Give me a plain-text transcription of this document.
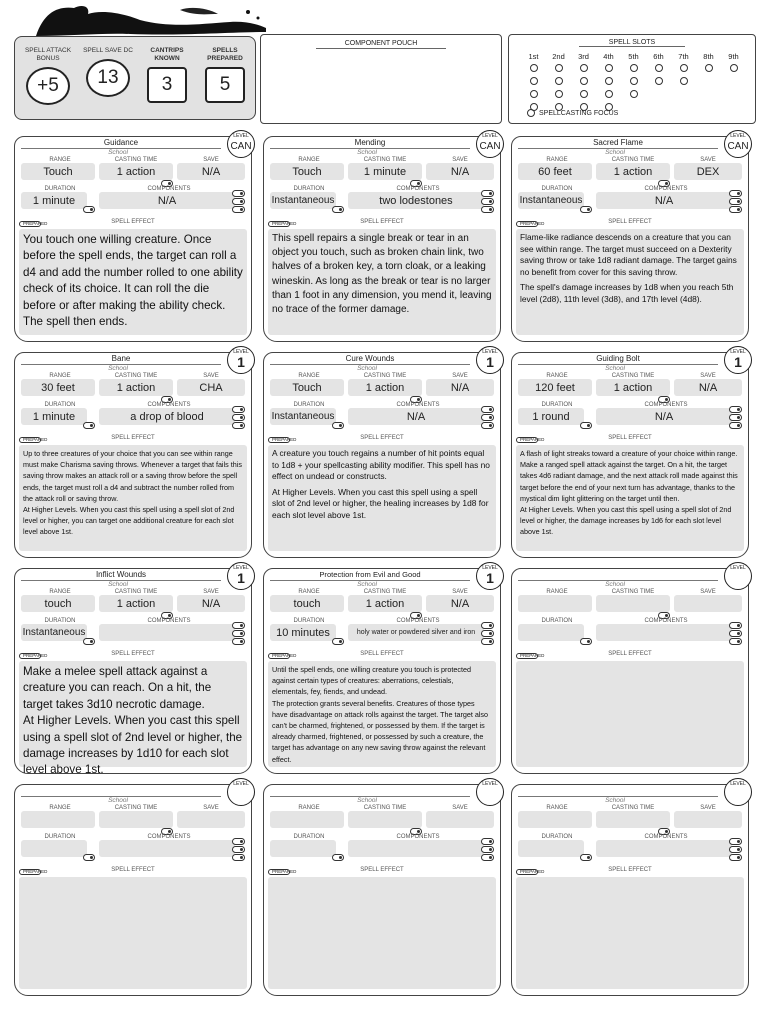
SPELL ATTACK BONUS
+5
SPELL SAVE DC
13
CANTRIPS KNOWN
3
SPELLS PREPARED
5
COMPONENT POUCH	SPELL SLOTS
1st	2nd	3rd	4th	5th	6th	7th	8th	9th
SPELLCASTING FOCUS
Guidance
School
LEVEL
CAN
RANGE	CASTING TIME	SAVE
Touch	1 action	N/A
DURATION	COMPONENTS
1 minute	N/A
SPELL EFFECT
PREPARED

You touch one willing creature. Once before the spell ends, the target can roll a d4 and add the number rolled to one ability check of its choice. It can roll the die before or after making the ability check. The spell then ends.

Mending
School
LEVEL
CAN
RANGE	CASTING TIME	SAVE
Touch	1 minute	N/A
DURATION	COMPONENTS
Instantaneous	two lodestones
SPELL EFFECT
PREPARED

This spell repairs a single break or tear in an object you touch, such as broken chain link, two halves of a broken key, a torn cloak, or a leaking wineskin. As long as the break or tear is no larger than 1 foot in any dimension, you mend it, leaving no trace of the former damage.

Sacred Flame
School
LEVEL
CAN
RANGE	CASTING TIME	SAVE
60 feet	1 action	DEX
DURATION	COMPONENTS
Instantaneous	N/A
SPELL EFFECT
PREPARED

Flame-like radiance descends on a creature that you can see within range. The target must succeed on a Dexterity saving throw or take 1d8 radiant damage. The target gains no benefit from cover for this saving throw.

The spell's damage increases by 1d8 when you reach 5th level (2d8), 11th level (3d8), and 17th level (4d8).

Bane
School
LEVEL
1
RANGE	CASTING TIME	SAVE
30 feet	1 action	CHA
DURATION	COMPONENTS
1 minute	a drop of blood
SPELL EFFECT
PREPARED

Up to three creatures of your choice that you can see within range must make Charisma saving throws. Whenever a target that fails this saving throw makes an attack roll or a saving throw before the spell ends, the target must roll a d4 and subtract the number rolled from the attack roll or saving throw.

At Higher Levels. When you cast this spell using a spell slot of 2nd level or higher, you can target one additional creature for each slot level above 1st.

Cure Wounds
School
LEVEL
1
RANGE	CASTING TIME	SAVE
Touch	1 action	N/A
DURATION	COMPONENTS
Instantaneous	N/A
SPELL EFFECT
PREPARED

A creature you touch regains a number of hit points equal to 1d8 + your spellcasting ability modifier. This spell has no effect on undead or constructs.

At Higher Levels. When you cast this spell using a spell slot of 2nd level or higher, the healing increases by 1d8 for each slot level above 1st.

Guiding Bolt
School
LEVEL
1
RANGE	CASTING TIME	SAVE
120 feet	1 action	N/A
DURATION	COMPONENTS
1 round	N/A
SPELL EFFECT
PREPARED

A flash of light streaks toward a creature of your choice within range. Make a ranged spell attack against the target. On a hit, the target takes 4d6 radiant damage, and the next attack roll made against this target before the end of your next turn has advantage, thanks to the mystical dim light glittering on the target until then.

At Higher Levels. When you cast this spell using a spell slot of 2nd level or higher, the damage increases by 1d6 for each slot level above 1st.

Inflict Wounds
School
LEVEL
1
RANGE	CASTING TIME	SAVE
touch	1 action	N/A
DURATION	COMPONENTS
Instantaneous
SPELL EFFECT
PREPARED

Make a melee spell attack against a creature you can reach. On a hit, the target takes 3d10 necrotic damage.

At Higher Levels. When you cast this spell using a spell slot of 2nd level or higher, the damage increases by 1d10 for each slot level above 1st.

Protection from Evil and Good
School
LEVEL
1
RANGE	CASTING TIME	SAVE
touch	1 action	N/A
DURATION	COMPONENTS
10 minutes	holy water or powdered silver and iron
SPELL EFFECT
PREPARED

Until the spell ends, one willing creature you touch is protected against certain types of creatures: aberrations, celestials, elementals, fey, fiends, and undead.

The protection grants several benefits. Creatures of those types have disadvantage on attack rolls against the target. The target also can't be charmed, frightened, or possessed by them. If the target is already charmed, frightened, or possessed by such a creature, the target has advantage on any new saving throw against the relevant effect.

School
LEVEL
RANGE	CASTING TIME	SAVE
DURATION	COMPONENTS
SPELL EFFECT
PREPARED

School
LEVEL
RANGE	CASTING TIME	SAVE
DURATION	COMPONENTS
SPELL EFFECT
PREPARED

School
LEVEL
RANGE	CASTING TIME	SAVE
DURATION	COMPONENTS
SPELL EFFECT
PREPARED

School
LEVEL
RANGE	CASTING TIME	SAVE
DURATION	COMPONENTS
SPELL EFFECT
PREPARED
